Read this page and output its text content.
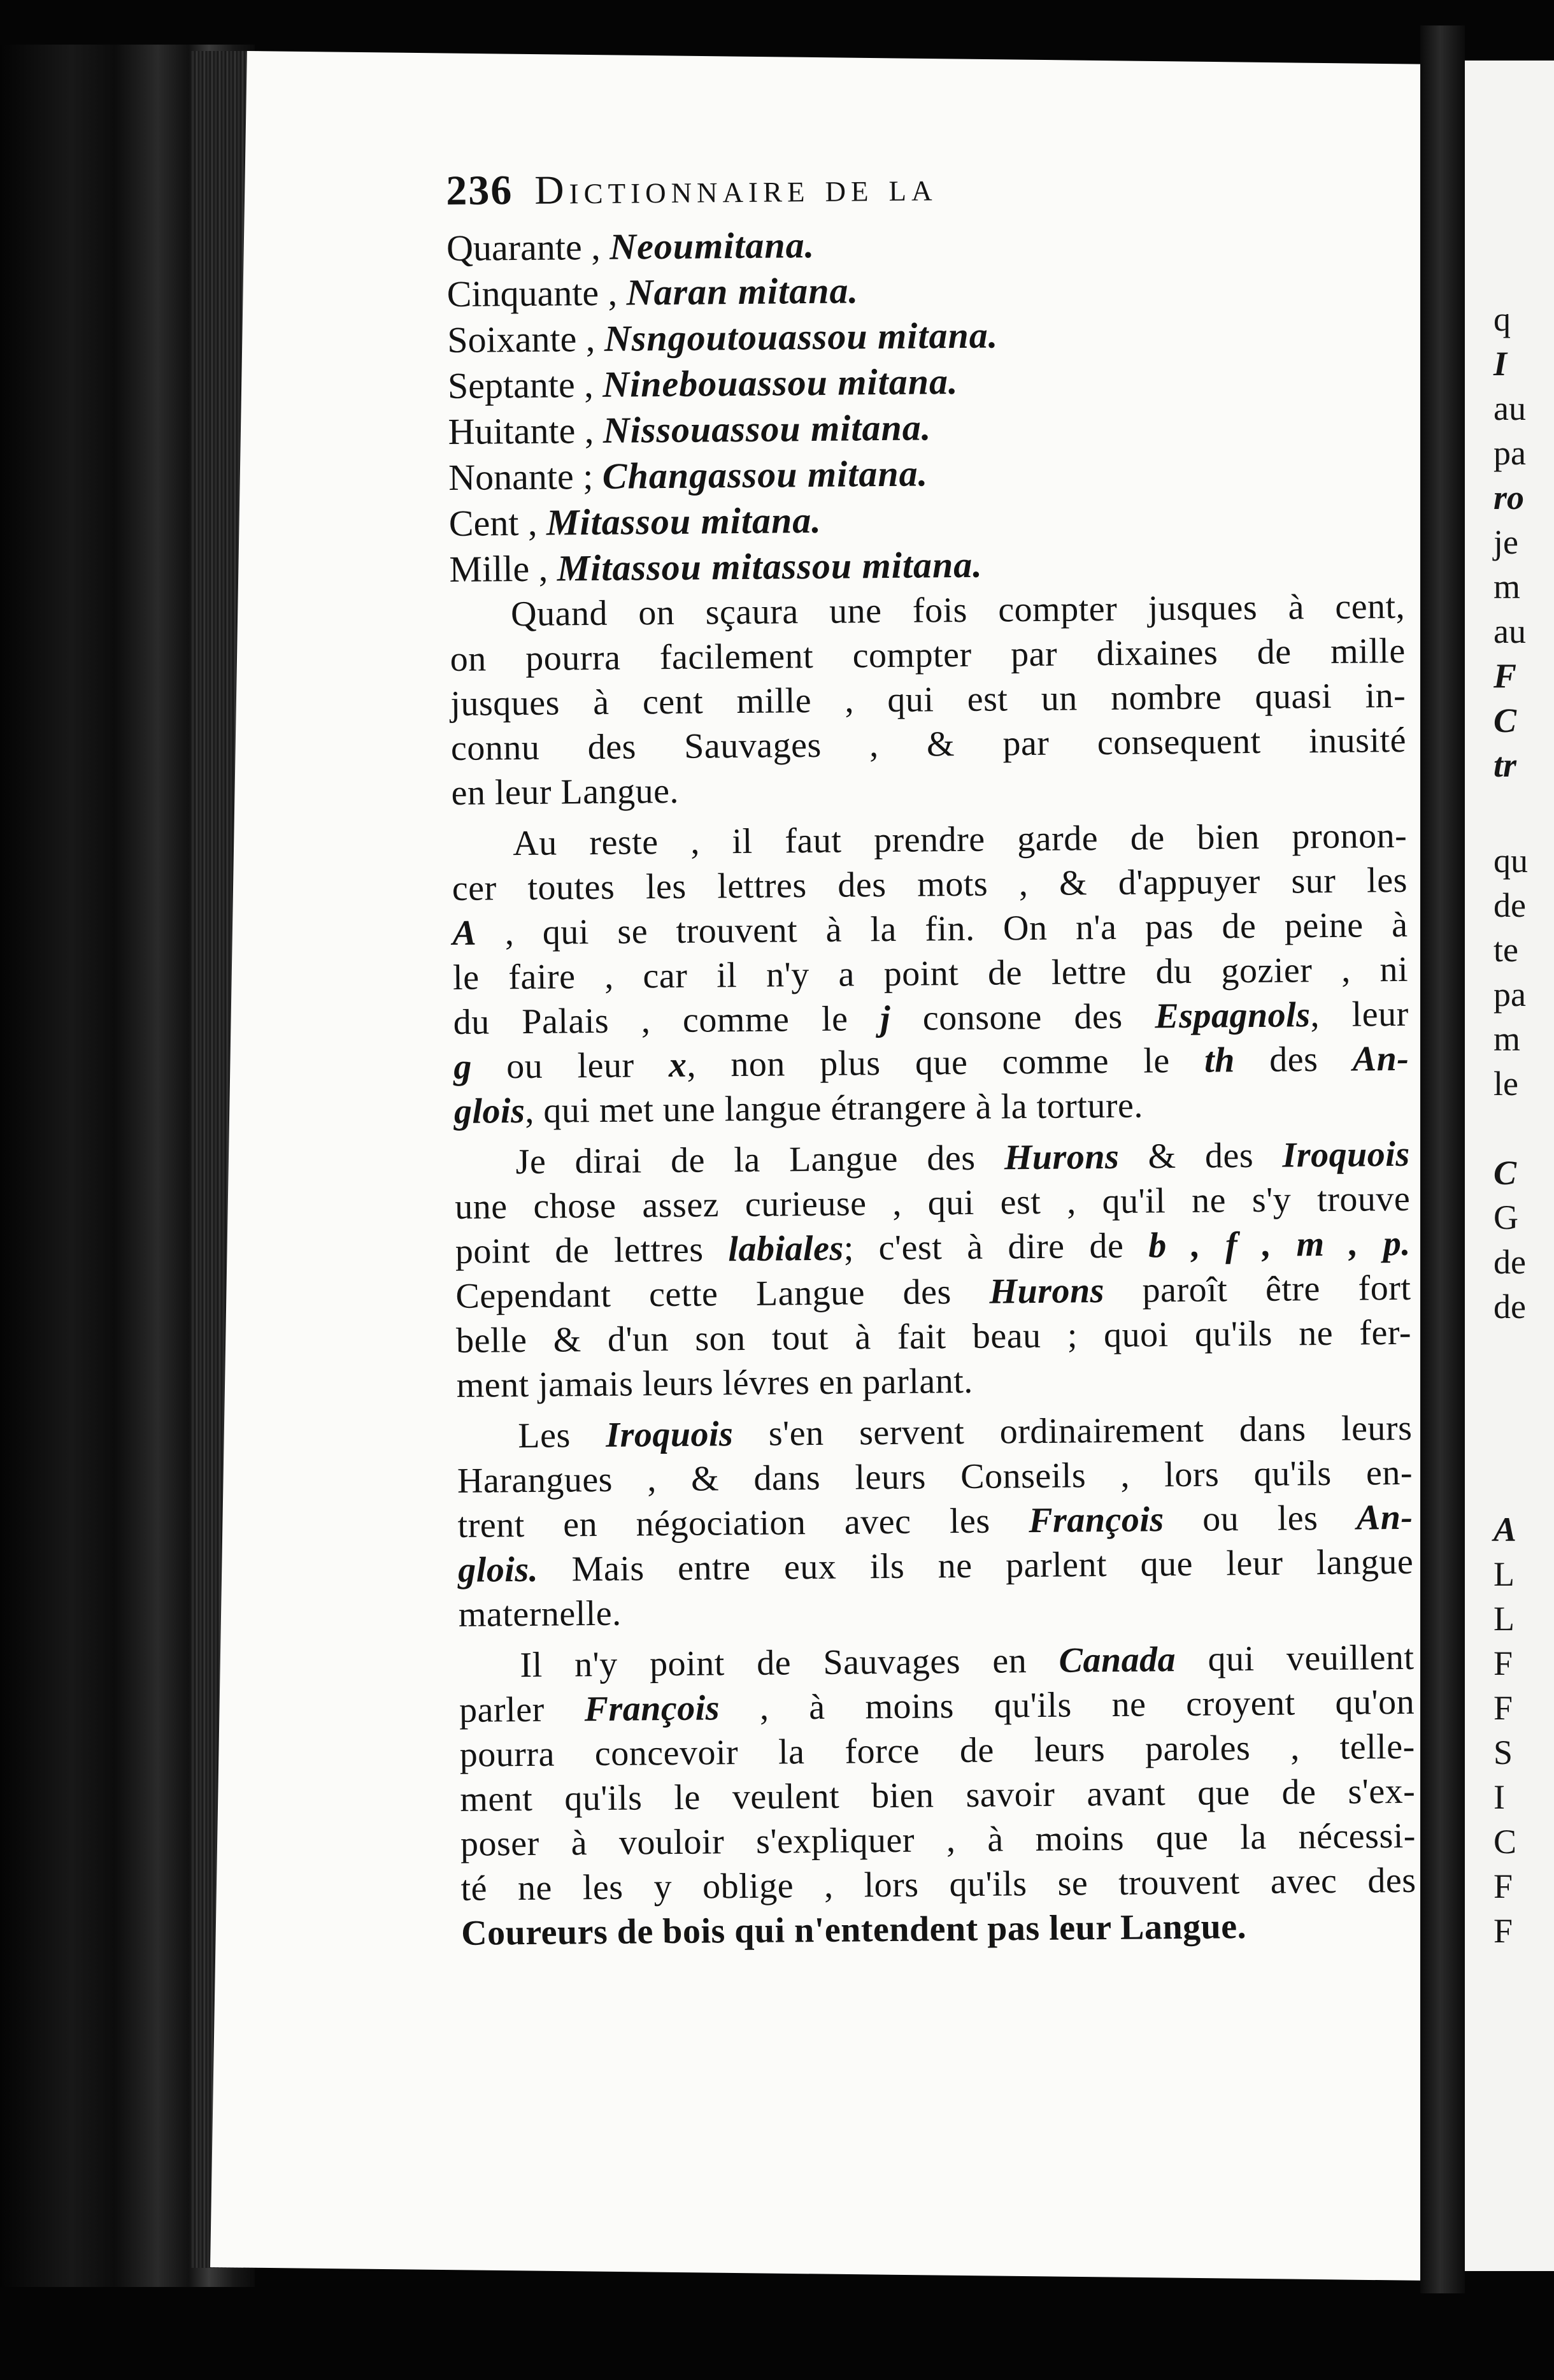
q
I
au
pa
ro
je
m
au
F
C
tr
qu
de
te
pa
m
le
C
G
de
de
A
L
L
F
F
S
I
C
F
F
236 Dictionnaire de la
Quarante , Neoumitana.
Cinquante , Naran mitana.
Soixante , Nsngoutouassou mitana.
Septante , Ninebouassou mitana.
Huitante , Nissouassou mitana.
Nonante ; Changassou mitana.
Cent , Mitassou mitana.
Mille , Mitassou mitassou mitana.
Quand on sçaura une fois compter jusques à cent,
on pourra facilement compter par dixaines de mille
jusques à cent mille , qui est un nombre quasi in-
connu des Sauvages , & par consequent inusité
en leur Langue.
Au reste , il faut prendre garde de bien pronon-
cer toutes les lettres des mots , & d'appuyer sur les
A , qui se trouvent à la fin. On n'a pas de peine à
le faire , car il n'y a point de lettre du gozier , ni
du Palais , comme le j consone des Espagnols, leur
g ou leur x, non plus que comme le th des An-
glois, qui met une langue étrangere à la torture.
Je dirai de la Langue des Hurons & des Iroquois
une chose assez curieuse , qui est , qu'il ne s'y trouve
point de lettres labiales; c'est à dire de b , f , m , p.
Cependant cette Langue des Hurons paroît être fort
belle & d'un son tout à fait beau ; quoi qu'ils ne fer-
ment jamais leurs lévres en parlant.
Les Iroquois s'en servent ordinairement dans leurs
Harangues , & dans leurs Conseils , lors qu'ils en-
trent en négociation avec les François ou les An-
glois. Mais entre eux ils ne parlent que leur langue
maternelle.
Il n'y point de Sauvages en Canada qui veuillent
parler François , à moins qu'ils ne croyent qu'on
pourra concevoir la force de leurs paroles , telle-
ment qu'ils le veulent bien savoir avant que de s'ex-
poser à vouloir s'expliquer , à moins que la nécessi-
té ne les y oblige , lors qu'ils se trouvent avec des
Coureurs de bois qui n'entendent pas leur Langue.
